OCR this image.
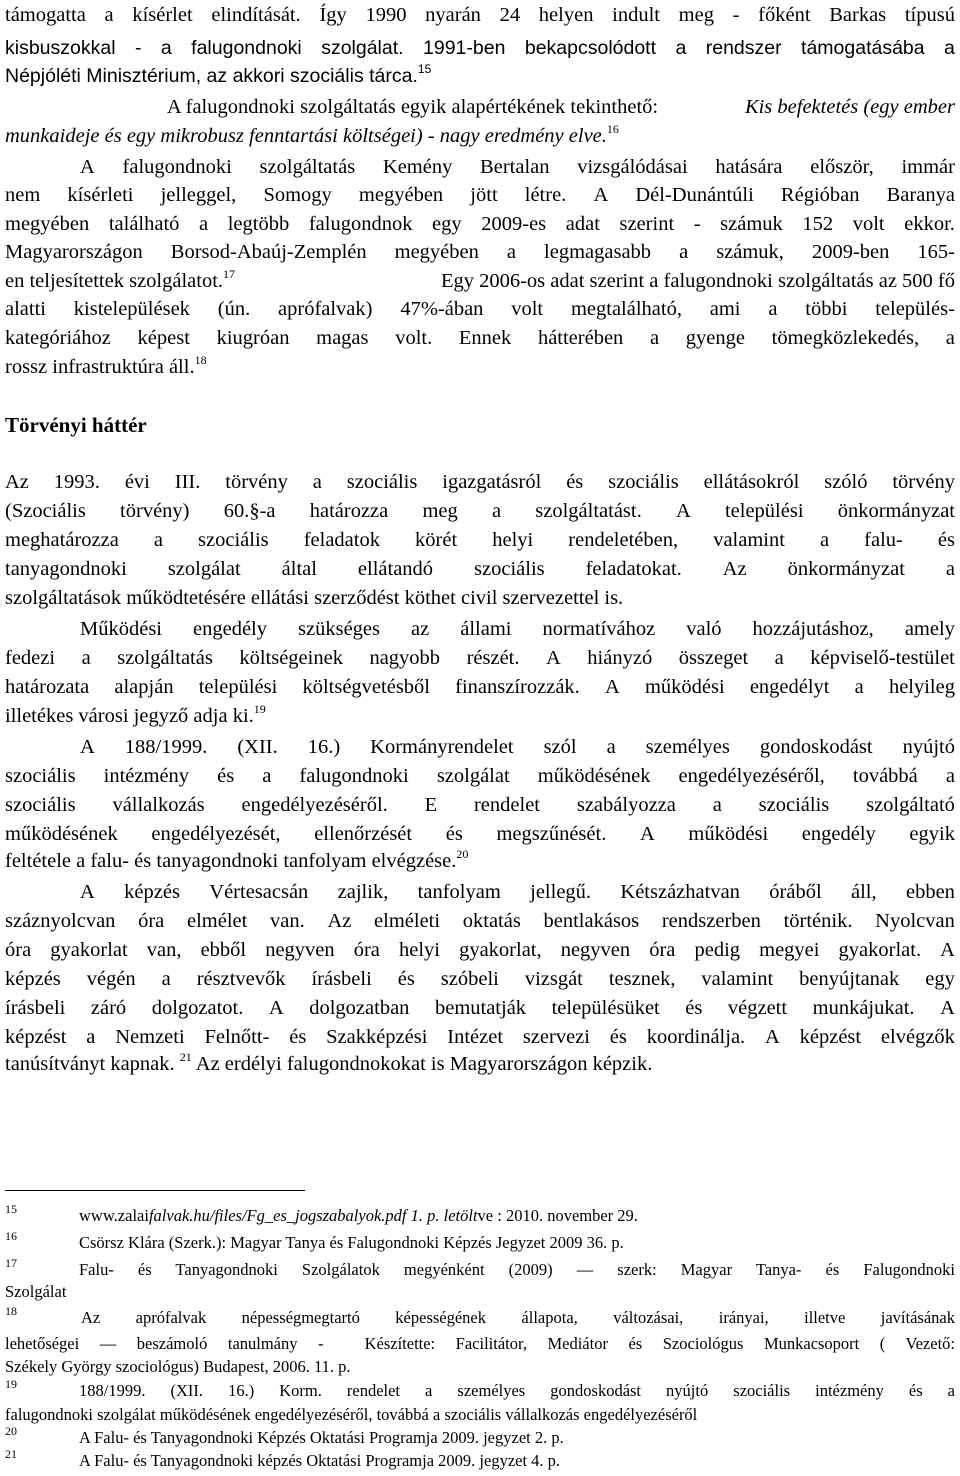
támogatta a kísérlet elindítását. Így 1990 nyarán 24 helyen indult meg - főként Barkas típusú
kisbuszokkal - a falugondnoki szolgálat. 1991-ben bekapcsolódott a rendszer támogatásába a
Népjóléti Minisztérium, az akkori szociális tárca.$^{15}$
A falugondnoki szolgáltatás egyik alapértékének tekinthető:	Kis befektetés (egy ember
munkaideje és egy mikrobusz fenntartási költségei) - nagy eredmény elve.$^{16}$
A falugondnoki szolgáltatás Kemény Bertalan vizsgálódásai hatására először, immár
nem kísérleti jelleggel, Somogy megyében jött létre. A Dél-Dunántúli Régióban Baranya
megyében található a legtöbb falugondnok egy 2009-es adat szerint - számuk 152 volt ekkor.
Magyarországon Borsod-Abaúj-Zemplén megyében a legmagasabb a számuk, 2009-ben 165-
en teljesítettek szolgálatot.$^{17}$	Egy 2006-os adat szerint a falugondnoki szolgáltatás az 500 fő
alatti kistelepülések (ún. aprófalvak) 47%-ában volt megtalálható, ami a többi település-
kategóriához képest kiugróan magas volt. Ennek hátterében a gyenge tömegközlekedés, a
rossz infrastruktúra áll.$^{18}$
Törvényi háttér
Az 1993. évi III. törvény a szociális igazgatásról és szociális ellátásokról szóló törvény
(Szociális törvény) 60.§-a határozza meg a szolgáltatást. A települési önkormányzat
meghatározza a szociális feladatok körét helyi rendeletében, valamint a falu- és
tanyagondnoki szolgálat által ellátandó szociális feladatokat. Az önkormányzat a
szolgáltatások működtetésére ellátási szerződést köthet civil szervezettel is.
Működési engedély szükséges az állami normatívához való hozzájutáshoz, amely
fedezi a szolgáltatás költségeinek nagyobb részét. A hiányzó összeget a képviselő-testület
határozata alapján települési költségvetésből finanszírozzák. A működési engedélyt a helyileg
illetékes városi jegyző adja ki.$^{19}$
A 188/1999. (XII. 16.) Kormányrendelet szól a személyes gondoskodást nyújtó
szociális intézmény és a falugondnoki szolgálat működésének engedélyezéséről, továbbá a
szociális vállalkozás engedélyezéséről. E rendelet szabályozza a szociális szolgáltató
működésének engedélyezését, ellenőrzését és megszűnését. A működési engedély egyik
feltétele a falu- és tanyagondnoki tanfolyam elvégzése.$^{20}$
A képzés Vértesacsán zajlik, tanfolyam jellegű. Kétszázhatvan óráből áll, ebben
száznyolcvan óra elmélet van. Az elméleti oktatás bentlakásos rendszerben történik. Nyolcvan
óra gyakorlat van, ebből negyven óra helyi gyakorlat, negyven óra pedig megyei gyakorlat. A
képzés végén a résztvevők írásbeli és szóbeli vizsgát tesznek, valamint benyújtanak egy
írásbeli záró dolgozatot. A dolgozatban bemutatják településüket és végzett munkájukat. A
képzést a Nemzeti Felnőtt- és Szakképzési Intézet szervezi és koordinálja. A képzést elvégzők
tanúsítványt kapnak. $^{21}$ Az erdélyi falugondnokokat is Magyarországon képzik.
$^{15}$	www.zalaifalvak.hu/files/Fg_es_jogszabalyok.pdf 1. p. letöltve : 2010. november 29.
$^{16}$	Csörsz Klára (Szerk.): Magyar Tanya és Falugondnoki Képzés Jegyzet 2009 36. p.
$^{17}$	Falu- és Tanyagondnoki Szolgálatok megyénként (2009) ― szerk: Magyar Tanya- és Falugondnoki
Szolgálat
$^{18}$	Az aprófalvak népességmegtartó képességének állapota, változásai, irányai, illetve javításának
lehetőségei ― beszámoló tanulmány -  Készítette: Facilitátor, Mediátor és Szociológus Munkacsoport ( Vezető:
Székely György szociológus) Budapest, 2006. 11. p.
$^{19}$	188/1999. (XII. 16.) Korm. rendelet a személyes gondoskodást nyújtó szociális intézmény és a
falugondnoki szolgálat működésének engedélyezéséről, továbbá a szociális vállalkozás engedélyezéséről
$^{20}$	A Falu- és Tanyagondnoki Képzés Oktatási Programja 2009. jegyzet 2. p.
$^{21}$	A Falu- és Tanyagondnoki képzés Oktatási Programja 2009. jegyzet 4. p.
